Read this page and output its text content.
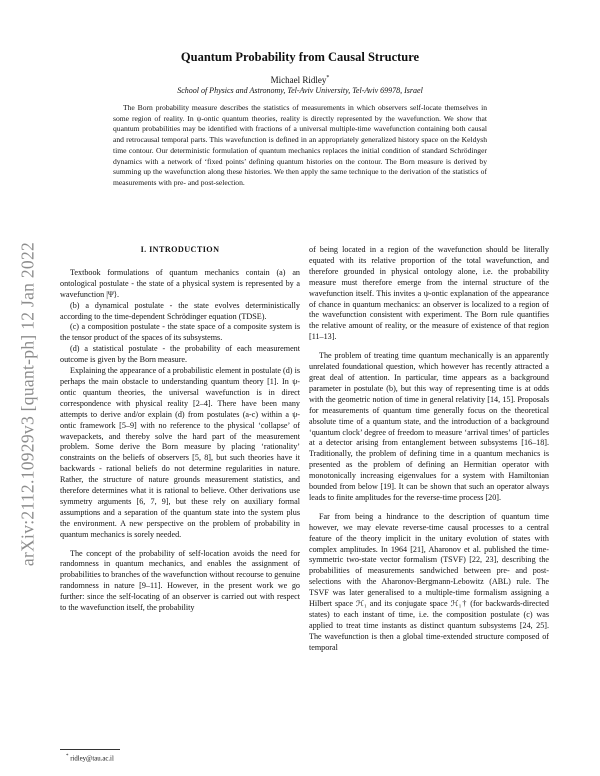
arXiv:2112.10929v3 [quant-ph] 12 Jan 2022
Quantum Probability from Causal Structure
Michael Ridley*
School of Physics and Astronomy, Tel-Aviv University, Tel-Aviv 69978, Israel

The Born probability measure describes the statistics of measurements in which observers self-locate themselves in some region of reality. In ψ-ontic quantum theories, reality is directly represented by the wavefunction. We show that quantum probabilities may be identified with fractions of a universal multiple-time wavefunction containing both causal and retrocausal temporal parts. This wavefunction is defined in an appropriately generalized history space on the Keldysh time contour. Our deterministic formulation of quantum mechanics replaces the initial condition of standard Schrödinger dynamics with a network of ‘fixed points’ defining quantum histories on the contour. The Born measure is derived by summing up the wavefunction along these histories. We then apply the same technique to the derivation of the statistics of measurements with pre- and post-selection.

I. INTRODUCTION

Textbook formulations of quantum mechanics contain (a) an ontological postulate - the state of a physical system is represented by a wavefunction |Ψ⟩.

(b) a dynamical postulate - the state evolves deterministically according to the time-dependent Schrödinger equation (TDSE).

(c) a composition postulate - the state space of a composite system is the tensor product of the spaces of its subsystems.

(d) a statistical postulate - the probability of each measurement outcome is given by the Born measure.

Explaining the appearance of a probabilistic element in postulate (d) is perhaps the main obstacle to understanding quantum theory [1]. In ψ-ontic quantum theories, the universal wavefunction is in direct correspondence with physical reality [2–4]. There have been many attempts to derive and/or explain (d) from postulates (a-c) within a ψ-ontic framework [5–9] with no reference to the physical ‘collapse’ of wavepackets, and thereby solve the hard part of the measurement problem. Some derive the Born measure by placing ‘rationality’ constraints on the beliefs of observers [5, 8], but such theories have it backwards - rational beliefs do not determine regularities in nature. Rather, the structure of nature grounds measurement statistics, and therefore determines what it is rational to believe. Other derivations use symmetry arguments [6, 7, 9], but these rely on auxiliary formal assumptions and a separation of the quantum state into the system plus the environment. A new perspective on the problem of probability in quantum mechanics is sorely needed.

The concept of the probability of self-location avoids the need for randomness in quantum mechanics, and enables the assignment of probabilities to branches of the wavefunction without recourse to genuine randomness in nature [9–11]. However, in the present work we go further: since the self-locating of an observer is carried out with respect to the wavefunction itself, the probability

of being located in a region of the wavefunction should be literally equated with its relative proportion of the total wavefunction, and therefore grounded in physical ontology alone, i.e. the probability measure must therefore emerge from the internal structure of the wavefunction itself. This invites a ψ-ontic explanation of the appearance of chance in quantum mechanics: an observer is localized to a region of the wavefunction consistent with experiment. The Born rule quantifies the relative amount of reality, or the measure of existence of that region [11–13].

The problem of treating time quantum mechanically is an apparently unrelated foundational question, which however has recently attracted a great deal of attention. In particular, time appears as a background parameter in postulate (b), but this way of representing time is at odds with the geometric notion of time in general relativity [14, 15]. Proposals for measurements of quantum time generally focus on the theoretical absolute time of a quantum state, and the introduction of a background ‘quantum clock’ degree of freedom to measure ‘arrival times’ of particles at a detector arising from entanglement between subsystems [16–18]. Traditionally, the problem of defining time in a quantum mechanics is presented as the problem of defining an Hermitian operator with monotonically increasing eigenvalues for a system with Hamiltonian bounded from below [19]. It can be shown that such an operator always leads to finite amplitudes for the reverse-time process [20].

Far from being a hindrance to the description of quantum time however, we may elevate reverse-time causal processes to a central feature of the theory implicit in the unitary evolution of states with complex amplitudes. In 1964 [21], Aharonov et al. published the time-symmetric two-state vector formalism (TSVF) [22, 23], describing the probabilities of measurements sandwiched between pre- and post-selections with the Aharonov-Bergmann-Lebowitz (ABL) rule. The TSVF was later generalised to a multiple-time formalism assigning a Hilbert space ℋ₁ and its conjugate space ℋ₁† (for backwards-directed states) to each instant of time, i.e. the composition postulate (c) was applied to treat time instants as distinct quantum subsystems [24, 25]. The wavefunction is then a global time-extended structure composed of temporal

* ridley@tau.ac.il
